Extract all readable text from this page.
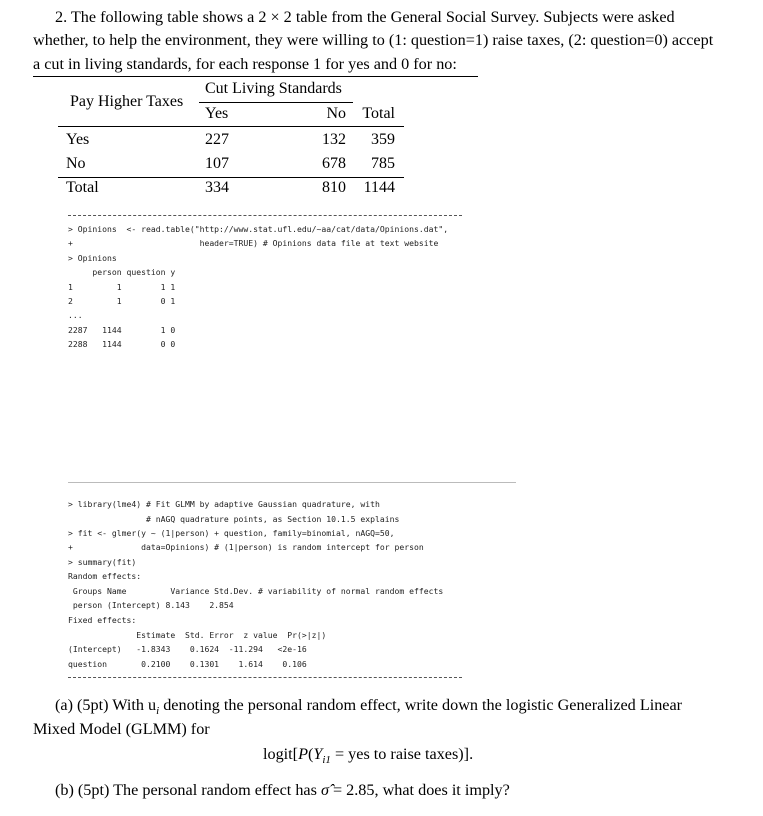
2. The following table shows a 2 × 2 table from the General Social Survey. Subjects were asked
whether, to help the environment, they were willing to (1: question=1) raise taxes, (2: question=0) accept
a cut in living standards, for each response 1 for yes and 0 for no:
Pay Higher Taxes
Cut Living Standards
Yes	No	Total
Yes	227	132	359
No	107	678	785
Total	334	810	1144

> Opinions  <- read.table("http://www.stat.ufl.edu/~aa/cat/data/Opinions.dat",

+                          header=TRUE) # Opinions data file at text website

> Opinions

person question y

1         1        1 1

2         1        0 1

...

2287   1144        1 0

2288   1144        0 0

> library(lme4) # Fit GLMM by adaptive Gaussian quadrature, with

# nAGQ quadrature points, as Section 10.1.5 explains

> fit <- glmer(y ~ (1|person) + question, family=binomial, nAGQ=50,

+              data=Opinions) # (1|person) is random intercept for person

> summary(fit)

Random effects:

Groups Name         Variance Std.Dev. # variability of normal random effects

person (Intercept) 8.143    2.854

Fixed effects:

Estimate  Std. Error  z value  Pr(>|z|)

(Intercept)   -1.8343    0.1624  -11.294   <2e-16

question       0.2100    0.1301    1.614    0.106

(a) (5pt) With $u_i$ denoting the personal random effect, write down the logistic Generalized Linear
Mixed Model (GLMM) for
$logit[P(Y_{i1}$ = yes to raise taxes)].
(b) (5pt) The personal random effect has σ̂ = 2.85, what does it imply?
